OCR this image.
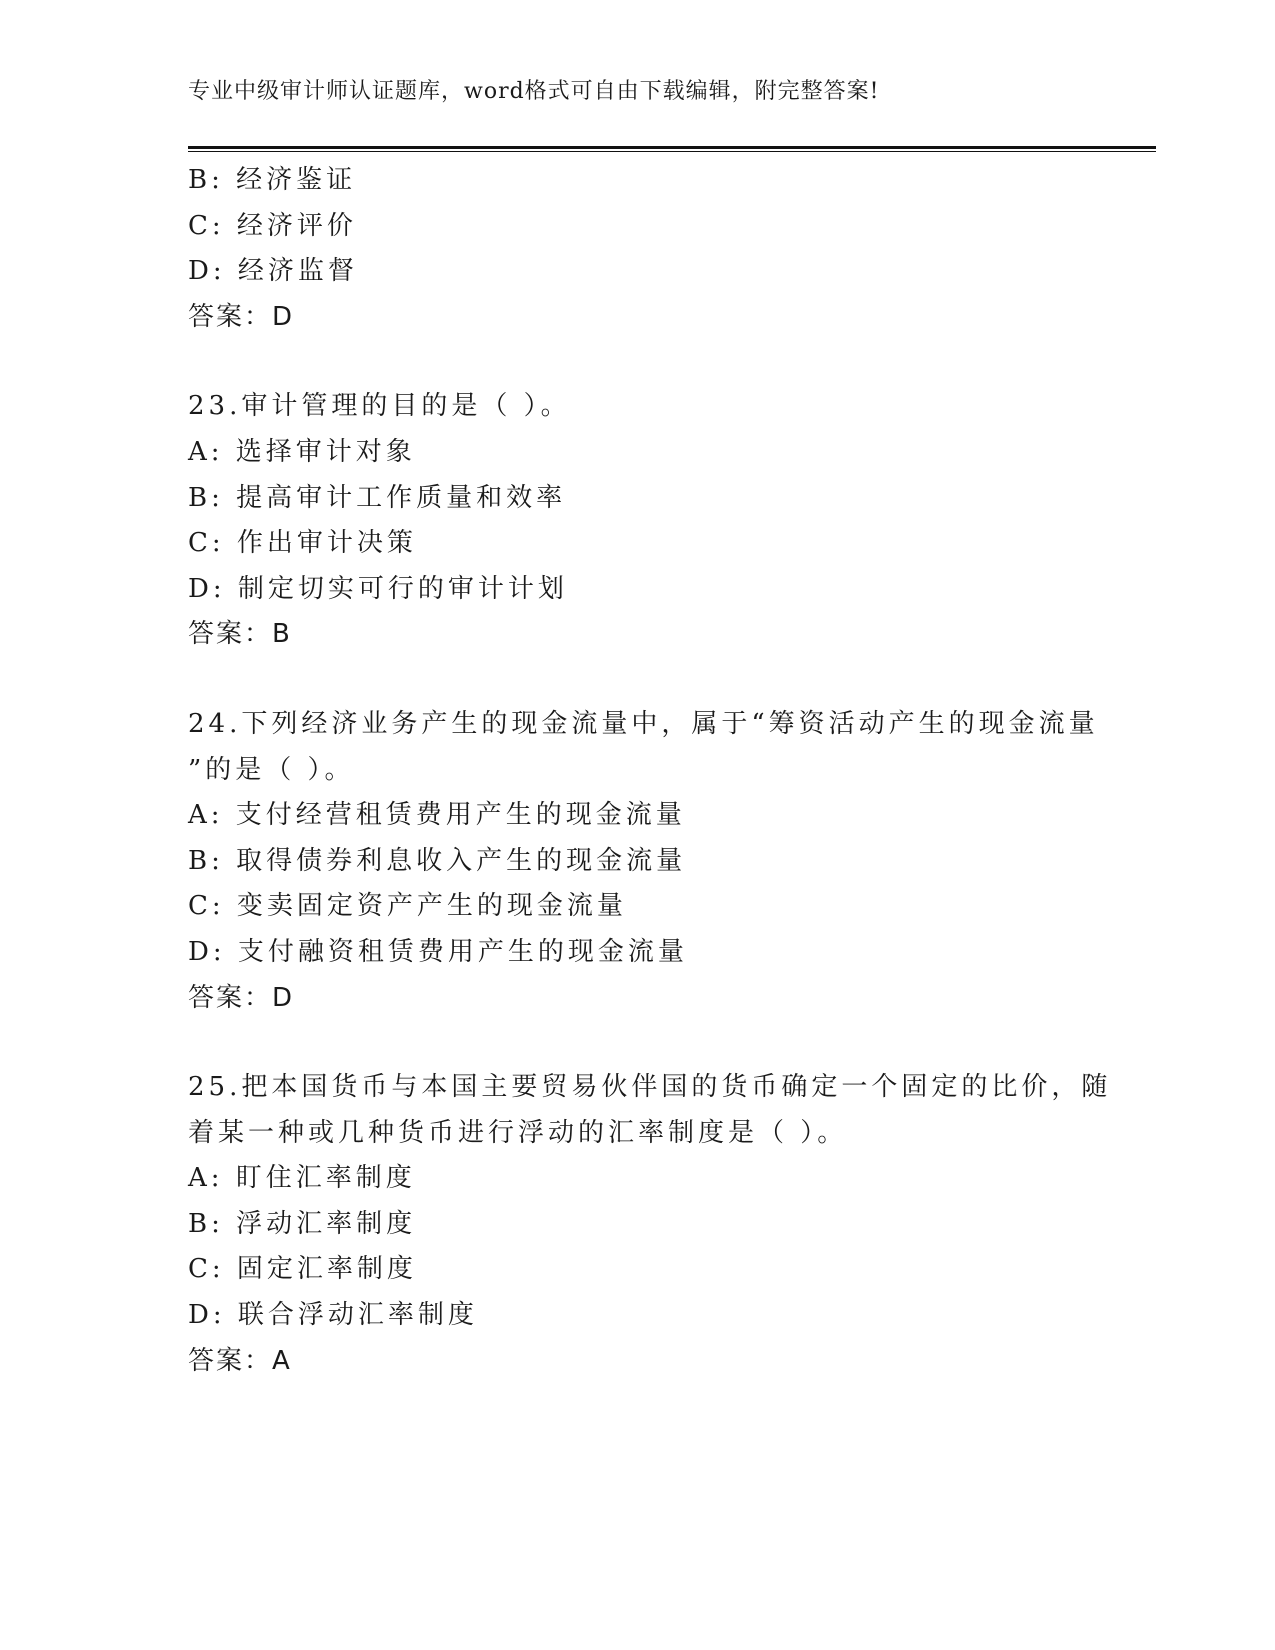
专业中级审计师认证题库，word格式可自由下载编辑，附完整答案!
B: 经济鉴证
C: 经济评价
D: 经济监督
答案：D
23.审计管理的目的是（ ）。
A: 选择审计对象
B: 提高审计工作质量和效率
C: 作出审计决策
D: 制定切实可行的审计计划
答案：B
24.下列经济业务产生的现金流量中，属于“筹资活动产生的现金流量
”的是（ ）。
A: 支付经营租赁费用产生的现金流量
B: 取得债券利息收入产生的现金流量
C: 变卖固定资产产生的现金流量
D: 支付融资租赁费用产生的现金流量
答案：D
25.把本国货币与本国主要贸易伙伴国的货币确定一个固定的比价，随
着某一种或几种货币进行浮动的汇率制度是（ ）。
A: 盯住汇率制度
B: 浮动汇率制度
C: 固定汇率制度
D: 联合浮动汇率制度
答案：A
